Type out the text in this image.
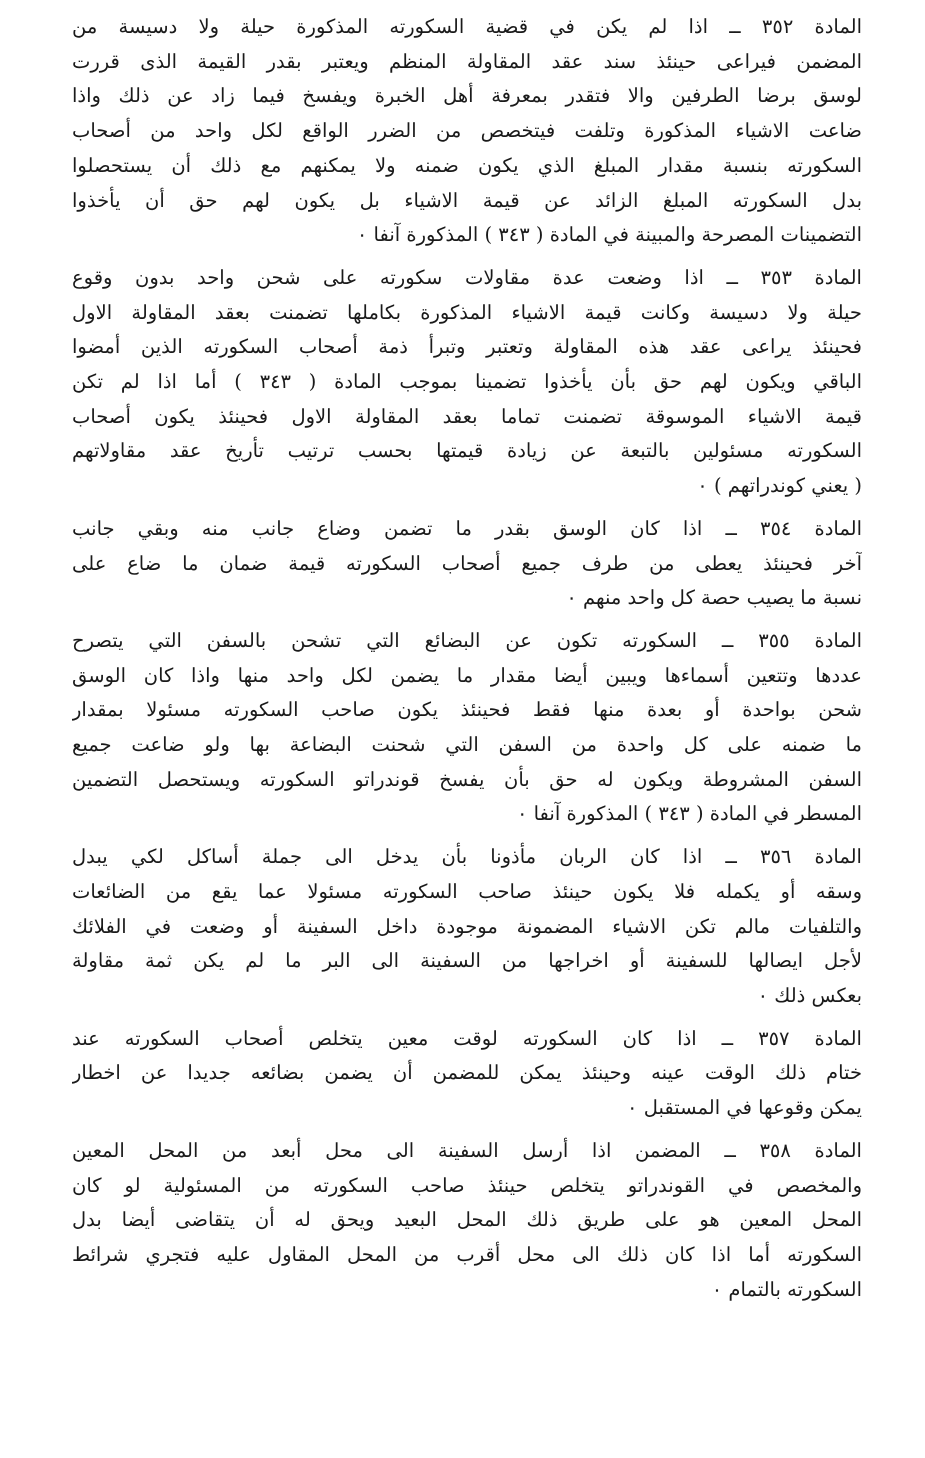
المادة ٣٥٢ ــ اذا لم يكن في قضية السكورته المذكورة حيلة ولا دسيسة من
المضمن فيراعى حينئذ سند عقد المقاولة المنظم ويعتبر بقدر القيمة الذى قررت
لوسق برضا الطرفين والا فتقدر بمعرفة أهل الخبرة ويفسخ فيما زاد عن ذلك واذا
ضاعت الاشياء المذكورة وتلفت فيتخصص من الضرر الواقع لكل واحد من أصحاب
السكورته بنسبة مقدار المبلغ الذي يكون ضمنه ولا يمكنهم مع ذلك أن يستحصلوا
بدل السكورته المبلغ الزائد عن قيمة الاشياء بل يكون لهم حق أن يأخذوا
التضمينات المصرحة والمبينة في المادة ( ٣٤٣ ) المذكورة آنفا ٠
المادة ٣٥٣ ــ اذا وضعت عدة مقاولات سكورته على شحن واحد بدون وقوع
حيلة ولا دسيسة وكانت قيمة الاشياء المذكورة بكاملها تضمنت بعقد المقاولة الاول
فحينئذ يراعى عقد هذه المقاولة وتعتبر وتبرأ ذمة أصحاب السكورته الذين أمضوا
الباقي ويكون لهم حق بأن يأخذوا تضمينا بموجب المادة ( ٣٤٣ ) أما اذا لم تكن
قيمة الاشياء الموسوقة تضمنت تماما بعقد المقاولة الاول فحينئذ يكون أصحاب
السكورته مسئولين بالتبعة عن زيادة قيمتها بحسب ترتيب تأريخ عقد مقاولاتهم
( يعني كوندراتهم ) ٠
المادة ٣٥٤ ــ اذا كان الوسق بقدر ما تضمن وضاع جانب منه وبقي جانب
آخر فحينئذ يعطى من طرف جميع أصحاب السكورته قيمة ضمان ما ضاع على
نسبة ما يصيب حصة كل واحد منهم ٠
المادة ٣٥٥ ــ السكورته تكون عن البضائع التي تشحن بالسفن التي يتصرح
عددها وتتعين أسماءها ويبين أيضا مقدار ما يضمن لكل واحد منها واذا كان الوسق
شحن بواحدة أو بعدة منها فقط فحينئذ يكون صاحب السكورته مسئولا بمقدار
ما ضمنه على كل واحدة من السفن التي شحنت البضاعة بها ولو ضاعت جميع
السفن المشروطة ويكون له حق بأن يفسخ قوندراتو السكورته ويستحصل التضمين
المسطر في المادة ( ٣٤٣ ) المذكورة آنفا ٠
المادة ٣٥٦ ــ اذا كان الربان مأذونا بأن يدخل الى جملة أساكل لكي يبدل
وسقه أو يكمله فلا يكون حينئذ صاحب السكورته مسئولا عما يقع من الضائعات
والتلفيات مالم تكن الاشياء المضمونة موجودة داخل السفينة أو وضعت في الفلائك
لأجل ايصالها للسفينة أو اخراجها من السفينة الى البر ما لم يكن ثمة مقاولة
بعكس ذلك ٠
المادة ٣٥٧ ــ اذا كان السكورته لوقت معين يتخلص أصحاب السكورته عند
ختام ذلك الوقت عينه وحينئذ يمكن للمضمن أن يضمن بضائعه جديدا عن اخطار
يمكن وقوعها في المستقبل ٠
المادة ٣٥٨ ــ المضمن اذا أرسل السفينة الى محل أبعد من المحل المعين
والمخصص في القوندراتو يتخلص حينئذ صاحب السكورته من المسئولية لو كان
المحل المعين هو على طريق ذلك المحل البعيد ويحق له أن يتقاضى أيضا بدل
السكورته أما اذا كان ذلك الى محل أقرب من المحل المقاول عليه فتجري شرائط
السكورته بالتمام ٠
